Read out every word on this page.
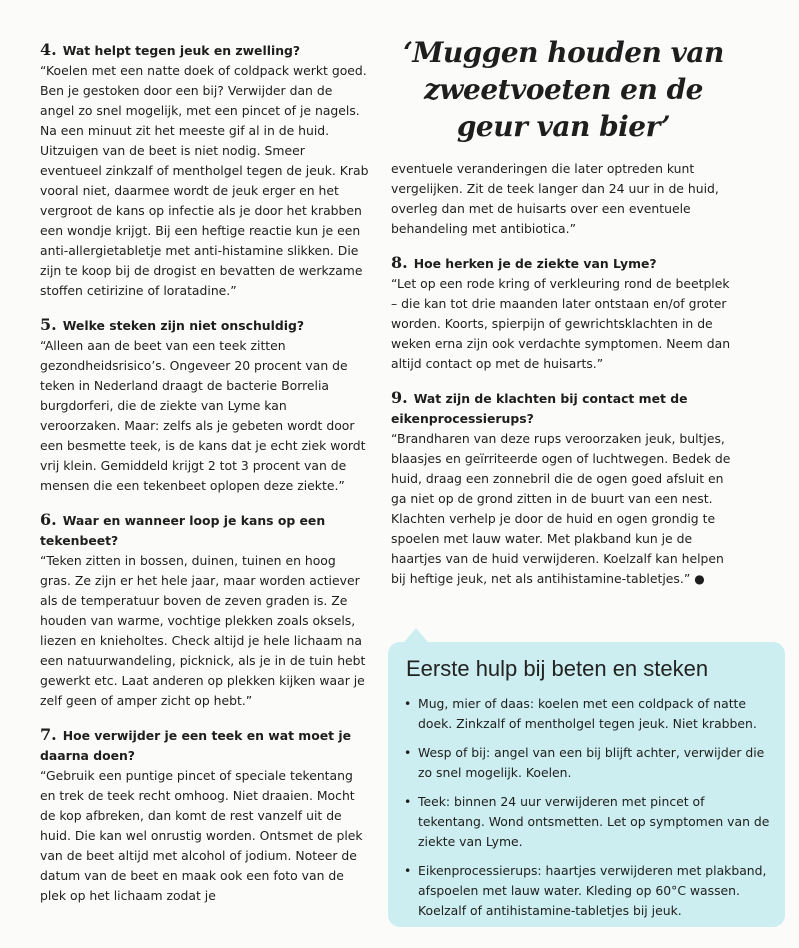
4. Wat helpt tegen jeuk en zwelling?

“Koelen met een natte doek of coldpack werkt goed. Ben je gestoken door een bij? Verwijder dan de angel zo snel mogelijk, met een pincet of je nagels. Na een minuut zit het meeste gif al in de huid. Uitzuigen van de beet is niet nodig. Smeer eventueel zinkzalf of mentholgel tegen de jeuk. Krab vooral niet, daarmee wordt de jeuk erger en het vergroot de kans op infectie als je door het krabben een wondje krijgt. Bij een heftige reactie kun je een anti-allergietabletje met anti-histamine slikken. Die zijn te koop bij de drogist en bevatten de werkzame stoffen cetirizine of loratadine.”

5. Welke steken zijn niet onschuldig?

“Alleen aan de beet van een teek zitten gezondheidsrisico’s. Ongeveer 20 procent van de teken in Nederland draagt de bacterie Borrelia burgdorferi, die de ziekte van Lyme kan veroorzaken. Maar: zelfs als je gebeten wordt door een besmette teek, is de kans dat je echt ziek wordt vrij klein. Gemiddeld krijgt 2 tot 3 procent van de mensen die een tekenbeet oplopen deze ziekte.”

6. Waar en wanneer loop je kans op een tekenbeet?

“Teken zitten in bossen, duinen, tuinen en hoog gras. Ze zijn er het hele jaar, maar worden actiever als de temperatuur boven de zeven graden is. Ze houden van warme, vochtige plekken zoals oksels, liezen en knieholtes. Check altijd je hele lichaam na een natuurwandeling, picknick, als je in de tuin hebt gewerkt etc. Laat anderen op plekken kijken waar je zelf geen of amper zicht op hebt.”

7. Hoe verwijder je een teek en wat moet je daarna doen?

“Gebruik een puntige pincet of speciale tekentang en trek de teek recht omhoog. Niet draaien. Mocht de kop afbreken, dan komt de rest vanzelf uit de huid. Die kan wel onrustig worden. Ontsmet de plek van de beet altijd met alcohol of jodium. Noteer de datum van de beet en maak ook een foto van de plek op het lichaam zodat je

‘Muggen houden van zweetvoeten en de geur van bier’

eventuele veranderingen die later optreden kunt vergelijken. Zit de teek langer dan 24 uur in de huid, overleg dan met de huisarts over een eventuele behandeling met antibiotica.”

8. Hoe herken je de ziekte van Lyme?

“Let op een rode kring of verkleuring rond de beetplek – die kan tot drie maanden later ontstaan en/of groter worden. Koorts, spierpijn of gewrichtsklachten in de weken erna zijn ook verdachte symptomen. Neem dan altijd contact op met de huisarts.”

9. Wat zijn de klachten bij contact met de eikenprocessierups?

“Brandharen van deze rups veroorzaken jeuk, bultjes, blaasjes en geïrriteerde ogen of luchtwegen. Bedek de huid, draag een zonnebril die de ogen goed afsluit en ga niet op de grond zitten in de buurt van een nest. Klachten verhelp je door de huid en ogen grondig te spoelen met lauw water. Met plakband kun je de haartjes van de huid verwijderen. Koelzalf kan helpen bij heftige jeuk, net als antihistamine-tabletjes.” ●

Eerste hulp bij beten en steken

• Mug, mier of daas: koelen met een coldpack of natte doek. Zinkzalf of mentholgel tegen jeuk. Niet krabben.
• Wesp of bij: angel van een bij blijft achter, verwijder die zo snel mogelijk. Koelen.
• Teek: binnen 24 uur verwijderen met pincet of tekentang. Wond ontsmetten. Let op symptomen van de ziekte van Lyme.
• Eikenprocessierups: haartjes verwijderen met plakband, afspoelen met lauw water. Kleding op 60°C wassen. Koelzalf of antihistamine-tabletjes bij jeuk.
